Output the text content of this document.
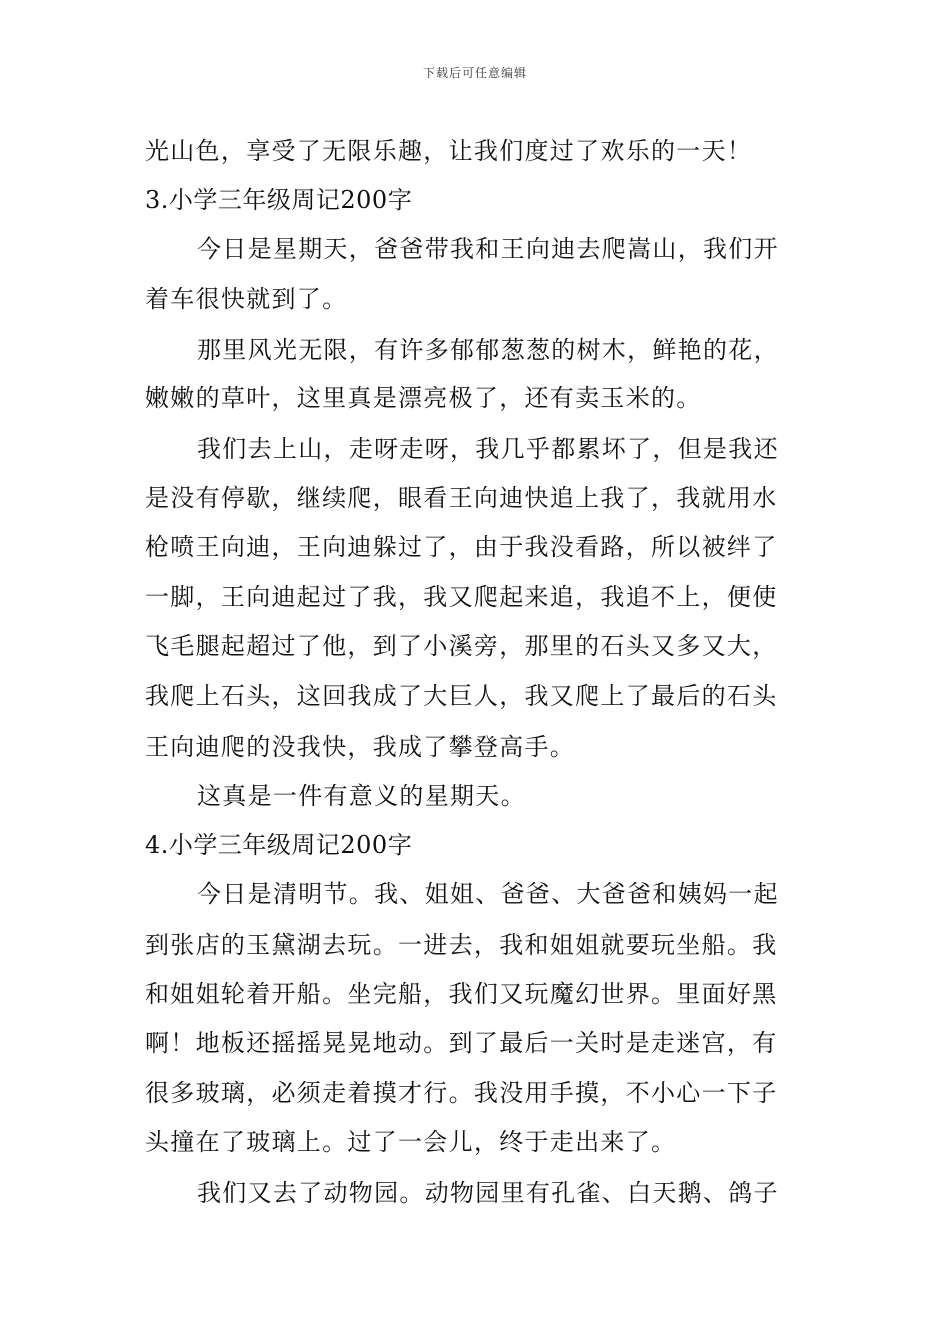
下载后可任意编辑
光山色，享受了无限乐趣，让我们度过了欢乐的一天！
3.小学三年级周记200字
今日是星期天，爸爸带我和王向迪去爬嵩山，我们开
着车很快就到了。
那里风光无限，有许多郁郁葱葱的树木，鲜艳的花，
嫩嫩的草叶，这里真是漂亮极了，还有卖玉米的。
我们去上山，走呀走呀，我几乎都累坏了，但是我还
是没有停歇，继续爬，眼看王向迪快追上我了，我就用水
枪喷王向迪，王向迪躲过了，由于我没看路，所以被绊了
一脚，王向迪起过了我，我又爬起来追，我追不上，便使
飞毛腿起超过了他，到了小溪旁，那里的石头又多又大，
我爬上石头，这回我成了大巨人，我又爬上了最后的石头
王向迪爬的没我快，我成了攀登高手。
这真是一件有意义的星期天。
4.小学三年级周记200字
今日是清明节。我、姐姐、爸爸、大爸爸和姨妈一起
到张店的玉黛湖去玩。一进去，我和姐姐就要玩坐船。我
和姐姐轮着开船。坐完船，我们又玩魔幻世界。里面好黑
啊！地板还摇摇晃晃地动。到了最后一关时是走迷宫，有
很多玻璃，必须走着摸才行。我没用手摸，不小心一下子
头撞在了玻璃上。过了一会儿，终于走出来了。
我们又去了动物园。动物园里有孔雀、白天鹅、鸽子
